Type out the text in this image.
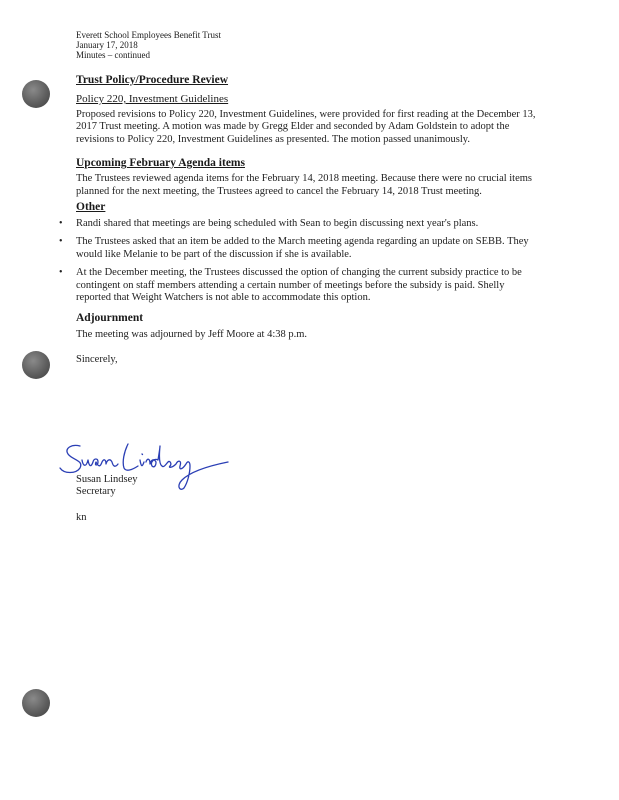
Everett School Employees Benefit Trust

January 17, 2018

Minutes – continued

Trust Policy/Procedure Review

Policy 220, Investment Guidelines

Proposed revisions to Policy 220, Investment Guidelines, were provided for first reading at the December 13, 2017 Trust meeting. A motion was made by Gregg Elder and seconded by Adam Goldstein to adopt the revisions to Policy 220, Investment Guidelines as presented. The motion passed unanimously.

Upcoming February Agenda items

The Trustees reviewed agenda items for the February 14, 2018 meeting. Because there were no crucial items planned for the next meeting, the Trustees agreed to cancel the February 14, 2018 Trust meeting.

Other

• Randi shared that meetings are being scheduled with Sean to begin discussing next year's plans.
• The Trustees asked that an item be added to the March meeting agenda regarding an update on SEBB. They would like Melanie to be part of the discussion if she is available.
• At the December meeting, the Trustees discussed the option of changing the current subsidy practice to be contingent on staff members attending a certain number of meetings before the subsidy is paid. Shelly reported that Weight Watchers is not able to accommodate this option.

Adjournment

The meeting was adjourned by Jeff Moore at 4:38 p.m.

Sincerely,

Susan Lindsey

Secretary

kn
